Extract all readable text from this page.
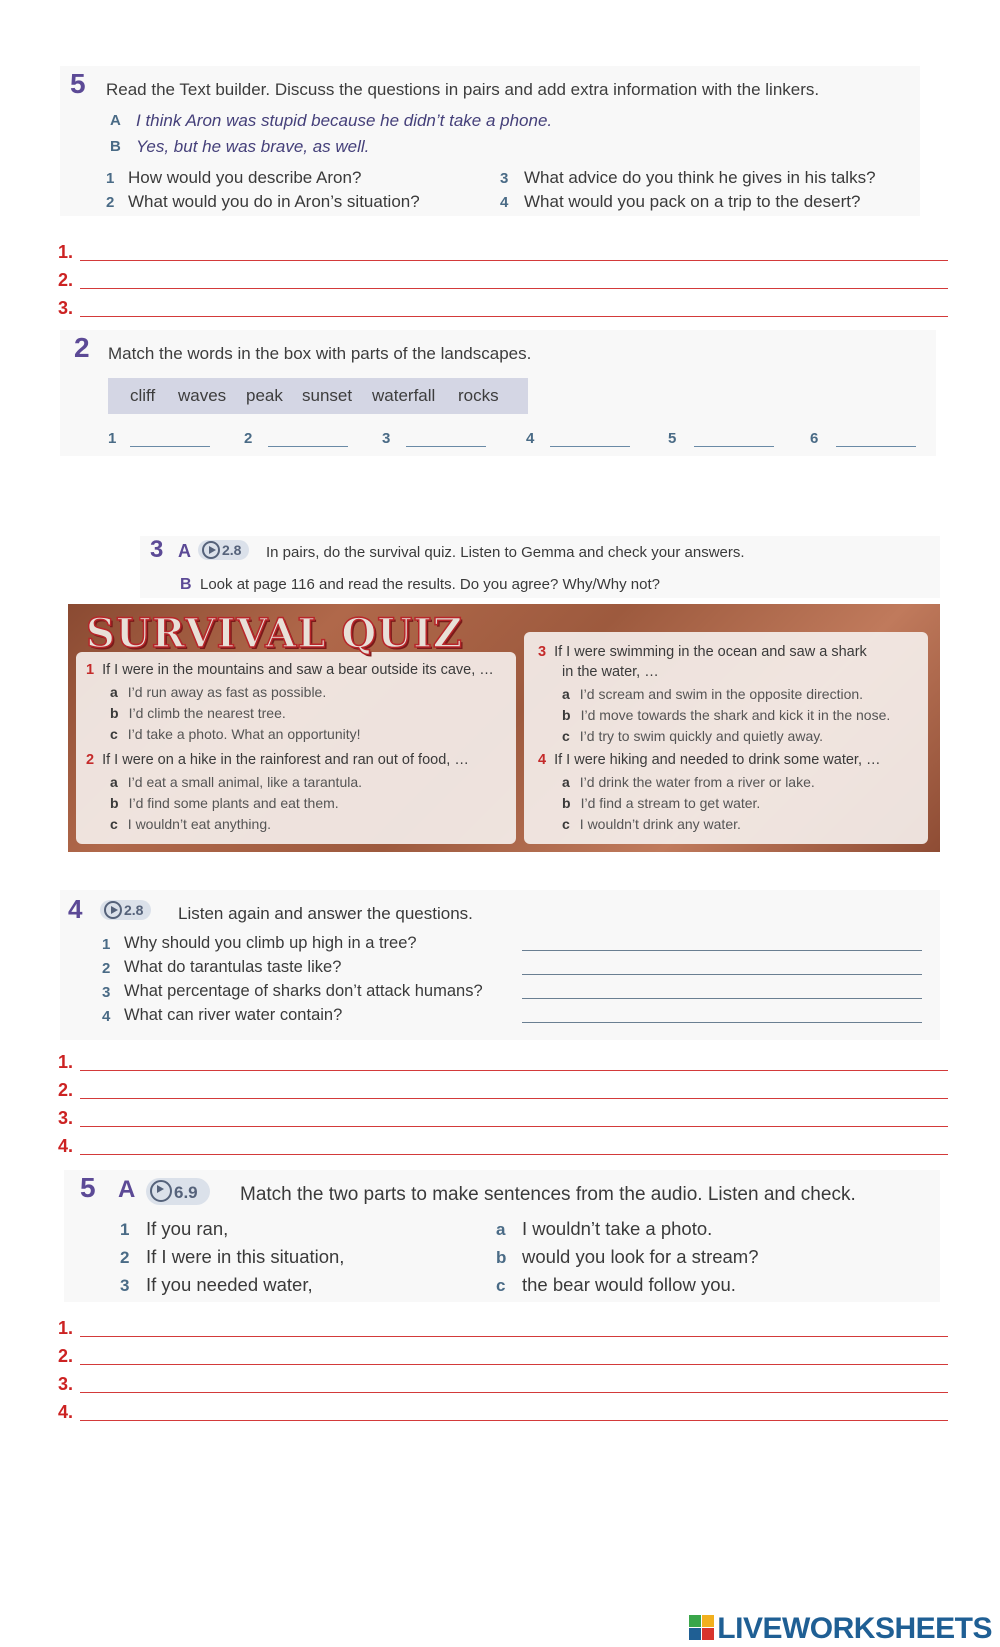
5 Read the Text builder. Discuss the questions in pairs and add extra information with the linkers.
A I think Aron was stupid because he didn’t take a phone.
B Yes, but he was brave, as well.
1 How would you describe Aron?
2 What would you do in Aron’s situation?
3 What advice do you think he gives in his talks?
4 What would you pack on a trip to the desert?
1.
2.
3.
2 Match the words in the box with parts of the landscapes.
cliff waves peak sunset waterfall rocks
1	2	3	4	5	6
3 A	2.8	In pairs, do the survival quiz. Listen to Gemma and check your answers.
B Look at page 116 and read the results. Do you agree? Why/Why not?
SURVIVAL QUIZ
1 If I were in the mountains and saw a bear outside its cave, …
a I’d run away as fast as possible.
b I’d climb the nearest tree.
c I’d take a photo. What an opportunity!
2 If I were on a hike in the rainforest and ran out of food, …
a I’d eat a small animal, like a tarantula.
b I’d find some plants and eat them.
c I wouldn’t eat anything.
3 If I were swimming in the ocean and saw a shark
in the water, …
a I’d scream and swim in the opposite direction.
b I’d move towards the shark and kick it in the nose.
c I’d try to swim quickly and quietly away.
4 If I were hiking and needed to drink some water, …
a I’d drink the water from a river or lake.
b I’d find a stream to get water.
c I wouldn’t drink any water.
4	2.8	Listen again and answer the questions.
1 Why should you climb up high in a tree?
2 What do tarantulas taste like?
3 What percentage of sharks don’t attack humans?
4 What can river water contain?
1.
2.
3.
4.
5 A	6.9	Match the two parts to make sentences from the audio. Listen and check.
1 If you ran,
2 If I were in this situation,
3 If you needed water,
a I wouldn’t take a photo.
b would you look for a stream?
c the bear would follow you.
1.
2.
3.
4.
LIVEWORKSHEETS
